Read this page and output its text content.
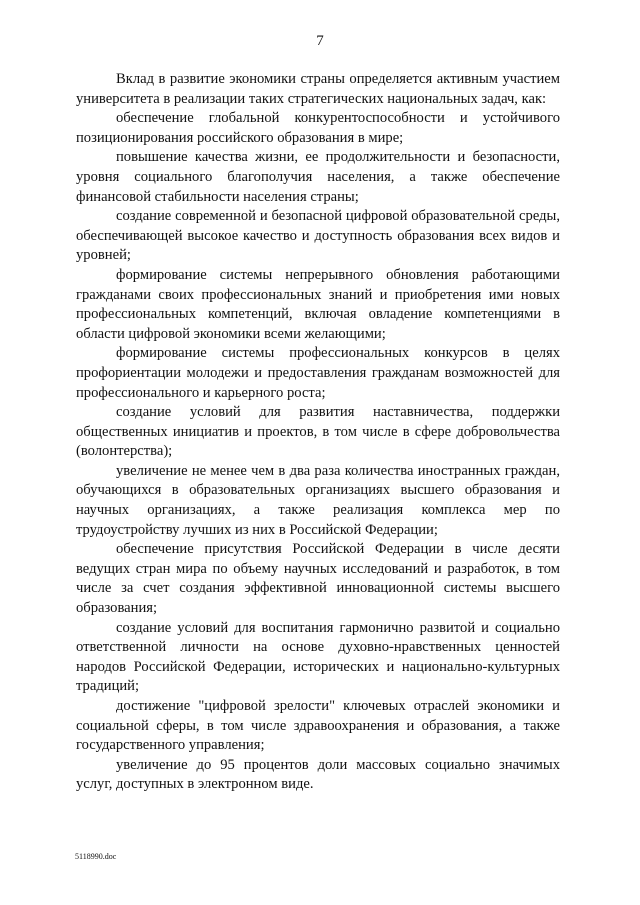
7

Вклад в развитие экономики страны определяется активным участием университета в реализации таких стратегических национальных задач, как:

обеспечение глобальной конкурентоспособности и устойчивого позиционирования российского образования в мире;

повышение качества жизни, ее продолжительности и безопасности, уровня социального благополучия населения, а также обеспечение финансовой стабильности населения страны;

создание современной и безопасной цифровой образовательной среды, обеспечивающей высокое качество и доступность образования всех видов и уровней;

формирование системы непрерывного обновления работающими гражданами своих профессиональных знаний и приобретения ими новых профессиональных компетенций, включая овладение компетенциями в области цифровой экономики всеми желающими;

формирование системы профессиональных конкурсов в целях профориентации молодежи и предоставления гражданам возможностей для профессионального и карьерного роста;

создание условий для развития наставничества, поддержки общественных инициатив и проектов, в том числе в сфере добровольчества (волонтерства);

увеличение не менее чем в два раза количества иностранных граждан, обучающихся в образовательных организациях высшего образования и научных организациях, а также реализация комплекса мер по трудоустройству лучших из них в Российской Федерации;

обеспечение присутствия Российской Федерации в числе десяти ведущих стран мира по объему научных исследований и разработок, в том числе за счет создания эффективной инновационной системы высшего образования;

создание условий для воспитания гармонично развитой и социально ответственной личности на основе духовно-нравственных ценностей народов Российской Федерации, исторических и национально-культурных традиций;

достижение "цифровой зрелости" ключевых отраслей экономики и социальной сферы, в том числе здравоохранения и образования, а также государственного управления;

увеличение до 95 процентов доли массовых социально значимых услуг, доступных в электронном виде.

5118990.doc
